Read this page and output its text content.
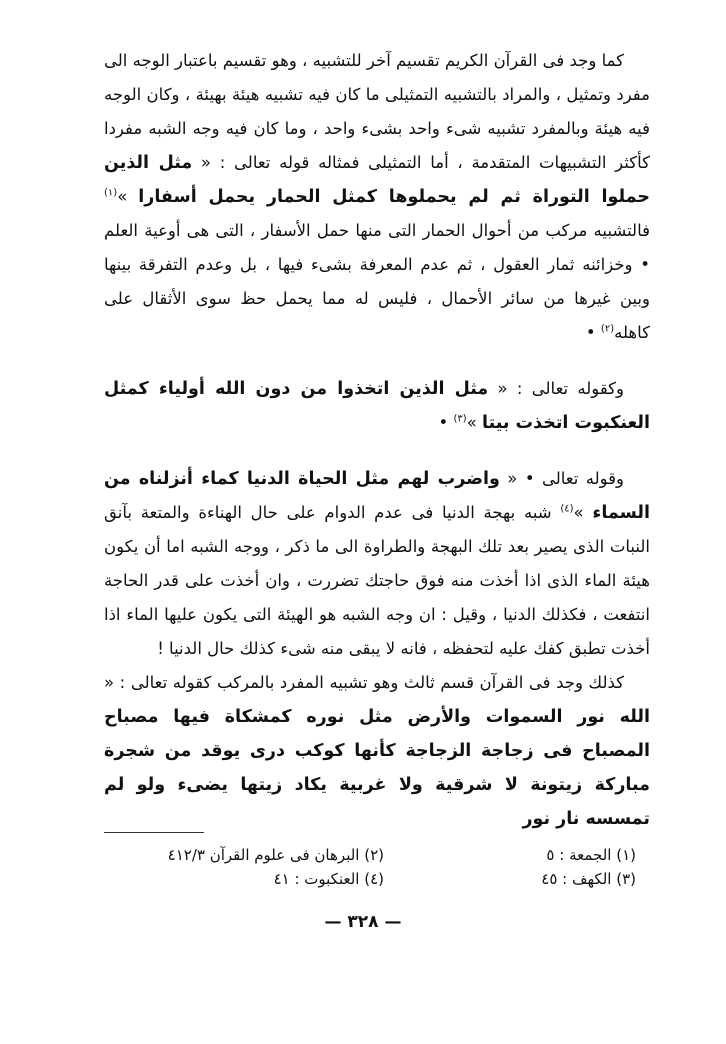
كما وجد فى القرآن الكريم تقسيم آخر للتشبيه ، وهو تقسيم باعتبار الوجه الى مفرد وتمثيل ، والمراد بالتشبيه التمثيلى ما كان فيه تشبيه هيئة بهيئة ، وكان الوجه فيه هيئة وبالمفرد تشبيه شىء واحد بشىء واحد ، وما كان فيه وجه الشبه مفردا كأكثر التشبيهات المتقدمة ، أما التمثيلى فمثاله قوله تعالى : « مثل الذين حملوا التوراة ثم لم يحملوها كمثل الحمار يحمل أسفارا »$^{(١)}$ فالتشبيه مركب من أحوال الحمار التى منها حمل الأسفار ، التى هى أوعية العلم • وخزائنه ثمار العقول ، ثم عدم المعرفة بشىء فيها ، بل وعدم التفرقة بينها وبين غيرها من سائر الأحمال ، فليس له مما يحمل حظ سوى الأثقال على كاهله$^{(٢)}$ •

وكقوله تعالى : « مثل الذين اتخذوا من دون الله أولياء كمثل العنكبوت اتخذت بيتا »$^{(٣)}$ •

وقوله تعالى • « واضرب لهم مثل الحياة الدنيا كماء أنزلناه من السماء »$^{(٤)}$ شبه بهجة الدنيا فى عدم الدوام على حال الهناءة والمتعة بآنق النبات الذى يصير بعد تلك البهجة والطراوة الى ما ذكر ، ووجه الشبه اما أن يكون هيئة الماء الذى اذا أخذت منه فوق حاجتك تضررت ، وان أخذت على قدر الحاجة انتفعت ، فكذلك الدنيا ، وقيل : ان وجه الشبه هو الهيئة التى يكون عليها الماء اذا أخذت تطبق كفك عليه لتحفظه ، فانه لا يبقى منه شىء كذلك حال الدنيا !

كذلك وجد فى القرآن قسم ثالث وهو تشبيه المفرد بالمركب كقوله تعالى : « الله نور السموات والأرض مثل نوره كمشكاة فيها مصباح المصباح فى زجاجة الزجاجة كأنها كوكب درى يوقد من شجرة مباركة زيتونة لا شرقية ولا غربية يكاد زيتها يضىء ولو لم تمسسه نار نور

(١) الجمعة : ٥
(٢) البرهان فى علوم القرآن ٤١٢/٣
(٣) الكهف : ٤٥
(٤) العنكبوت : ٤١
— ٣٢٨ —
